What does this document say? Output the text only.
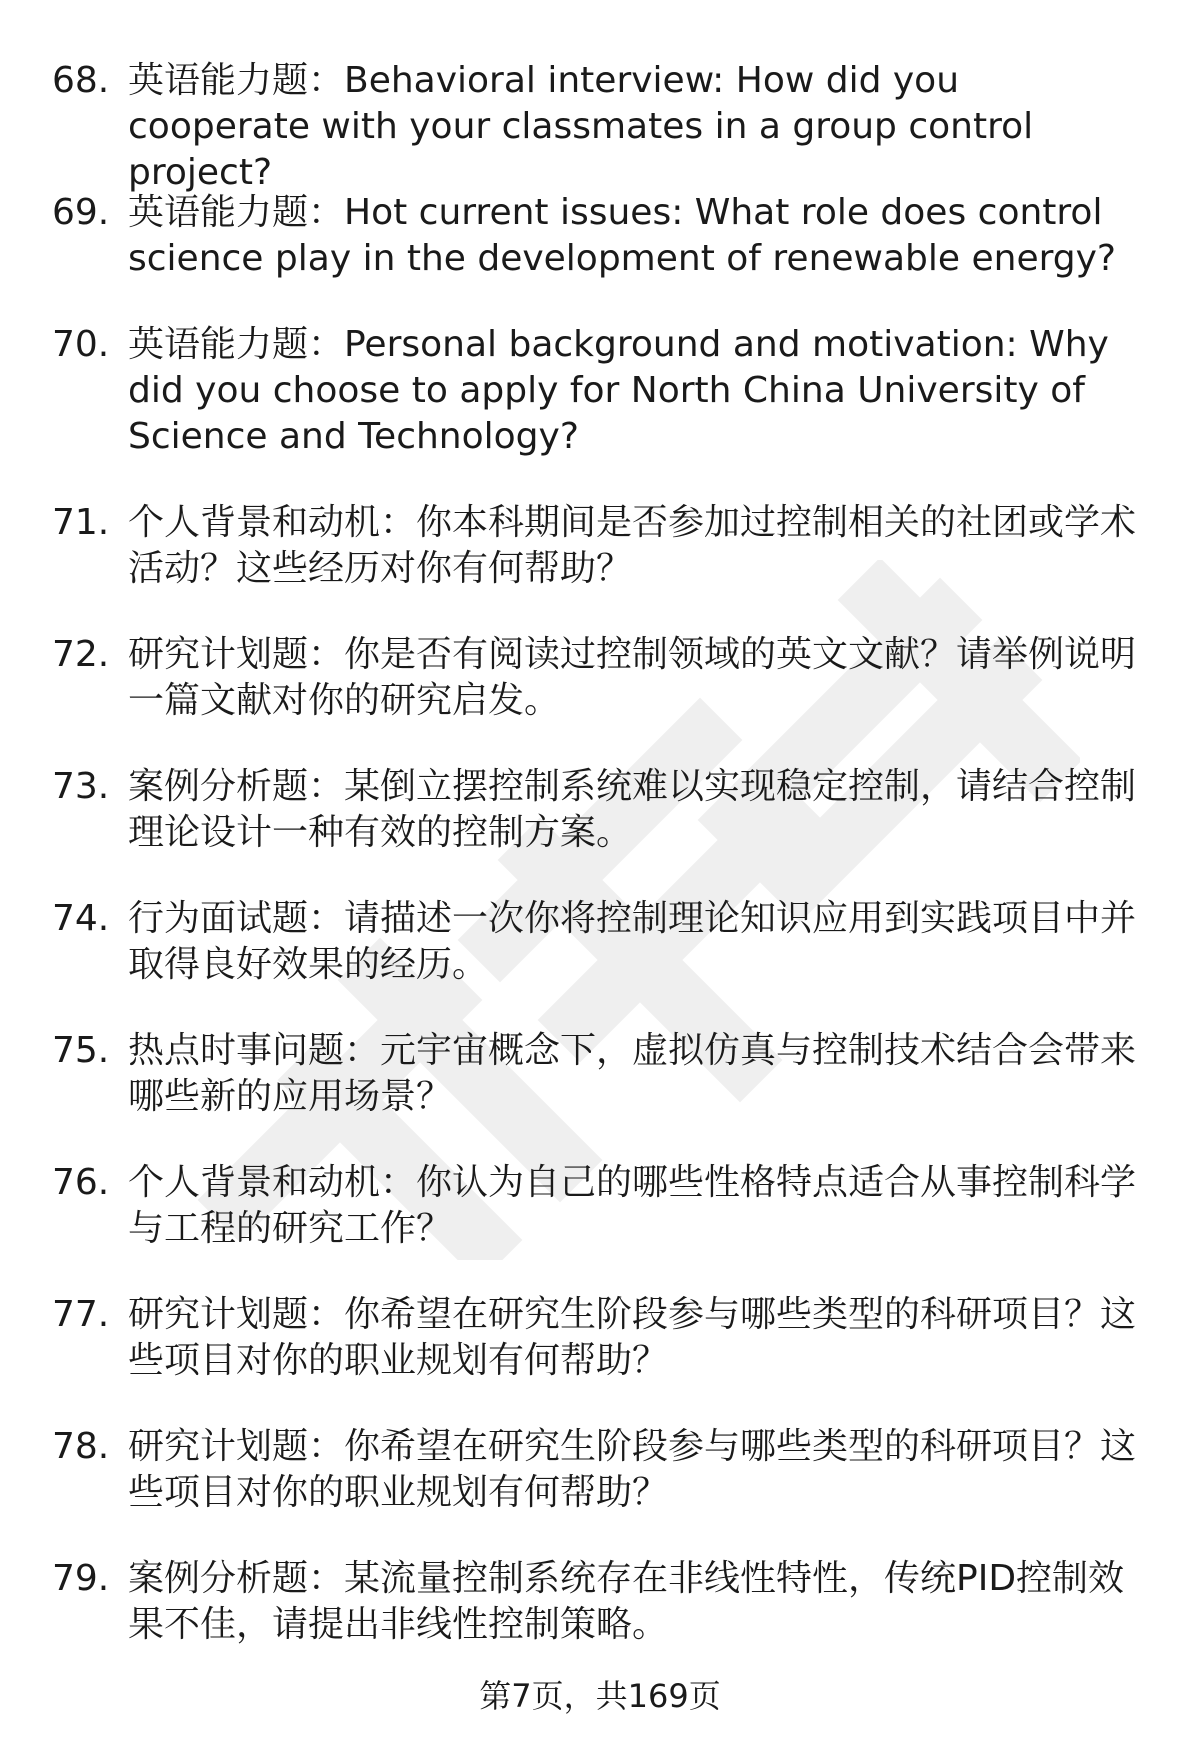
68. 英语能力题：Behavioral interview: How did you cooperate with your classmates in a group control project?
69. 英语能力题：Hot current issues: What role does control science play in the development of renewable energy?
70. 英语能力题：Personal background and motivation: Why did you choose to apply for North China University of Science and Technology?
71. 个人背景和动机：你本科期间是否参加过控制相关的社团或学术活动？这些经历对你有何帮助？
72. 研究计划题：你是否有阅读过控制领域的英文文献？请举例说明一篇文献对你的研究启发。
73. 案例分析题：某倒立摆控制系统难以实现稳定控制，请结合控制理论设计一种有效的控制方案。
74. 行为面试题：请描述一次你将控制理论知识应用到实践项目中并取得良好效果的经历。
75. 热点时事问题：元宇宙概念下，虚拟仿真与控制技术结合会带来哪些新的应用场景？
76. 个人背景和动机：你认为自己的哪些性格特点适合从事控制科学与工程的研究工作？
77. 研究计划题：你希望在研究生阶段参与哪些类型的科研项目？这些项目对你的职业规划有何帮助？
78. 研究计划题：你希望在研究生阶段参与哪些类型的科研项目？这些项目对你的职业规划有何帮助？
79. 案例分析题：某流量控制系统存在非线性特性，传统PID控制效果不佳，请提出非线性控制策略。
第7页，共169页
